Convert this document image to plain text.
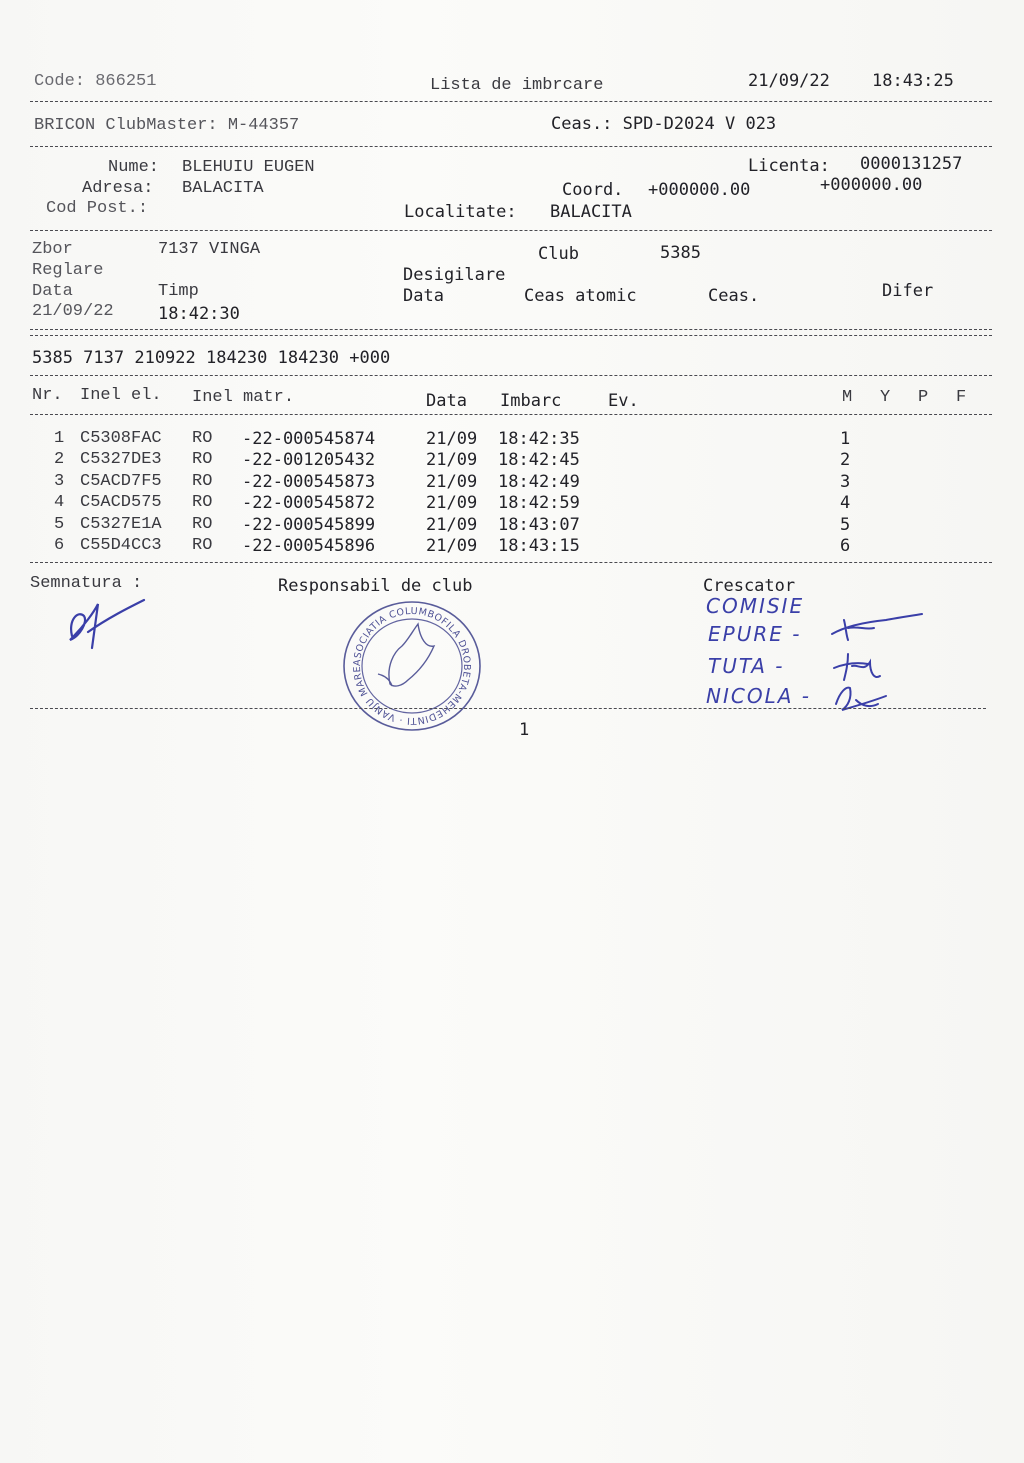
Code: 866251	Lista de imbrcare	21/09/22 18:43:25
BRICON ClubMaster: M-44357	Ceas.: SPD-D2024 V 023
Nume: BLEHUIU EUGEN	Licenta: 0000131257
Adresa: BALACITA	Coord. +000000.00	+000000.00
Cod Post.:	Localitate: BALACITA
Zbor	7137 VINGA	Club	5385
Reglare	Desigilare
Data	Timp	Data	Ceas atomic	Ceas.	Difer
21/09/22	18:42:30
5385 7137 210922 184230 184230 +000
Nr. Inel el. Inel matr.	Data Imbarc	Ev.	M Y P F
1 C5308FAC RO -22-000545874	21/09 18:42:35	1
2 C5327DE3 RO -22-001205432	21/09 18:42:45	2
3 C5ACD7F5 RO -22-000545873	21/09 18:42:49	3
4 C5ACD575 RO -22-000545872	21/09 18:42:59	4
5 C5327E1A RO -22-000545899	21/09 18:43:07	5
6 C55D4CC3 RO -22-000545896	21/09 18:43:15	6
Semnatura :	Responsabil de club	Crescator
ASOCIATIA COLUMBOFILA DROBETA-MEHEDINTI · VANJU MARE
COMISIE
EPURE -
TUTA -
NICOLA -
1
